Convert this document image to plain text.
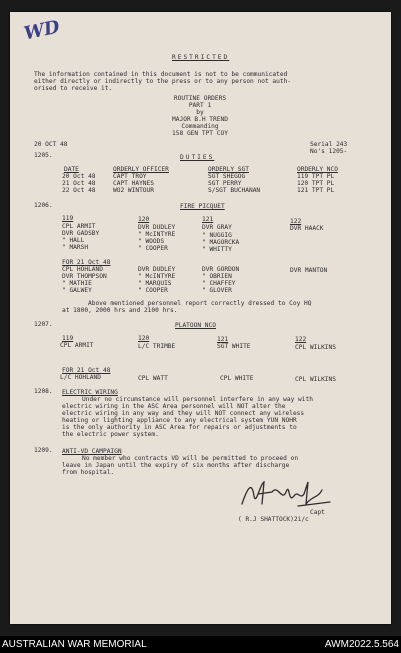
WD
RESTRICTED
The information contained in this document is not to be communicated
either directly or indirectly to the press or to any person not auth-
orised to receive it.
ROUTINE ORDERS
PART 1
by
MAJOR B.H TREND
Commanding
158 GEN TPT COY
20 OCT 48	Serial 243
No's 1205-
1205.	DUTIES
DATE	ORDERLY OFFICER	ORDERLY SGT	ORDERLY NCO
20 Oct 48	CAPT TROY	SGT SHEGOG	119 TPT PL
21 Oct 48	CAPT HAYNES	SGT PERRY	120 TPT PL
22 Oct 48	WO2 WINTOUR	S/SGT BUCHANAN	121 TPT PL
1206.	FIRE PICQUET
119	120	121	122
CPL ARMIT	DVR DUDLEY	DVR GRAY	DVR HAACK
DVR GADSBY	" McINTYRE	" NUGGIG
" HALL	" WOODS	" MAGORCKA
" MARSH	" COOPER	" WHITTY
FOR 21 Oct 48
CPL HOHLAND	DVR DUDLEY	DVR GORDON	DVR MANTON
DVR THOMPSON	" McINTYRE	" OBRIEN
" MATHIE	" MARQUIS	" CHAFFEY
" GALWEY	" COOPER	" GLOVER
Above mentioned personnel report correctly dressed to Coy HQ
at 1800, 2000 hrs and 2100 hrs.
1207.	PLATOON NCO
119	120	121	122
CPL ARMIT	L/C TRIMBE	SGT WHITE	CPL WILKINS
FOR 21 Oct 48
L/C HOHLAND	CPL WATT	CPL WHITE	CPL WILKINS
1208. ELECTRIC WIRING
Under no circumstance will personnel interfere in any way with
electric wiring in the ASC Area personnel will NOT alter the
electric wiring in any way and they will NOT connect any wireless
heating or lighting appliance to any electrical system YUN NOHR
is the only authority in ASC Area for repairs or adjustments to
the electric power system.
1209. ANTI-VD CAMPAIGN
No member who contracts VD will be permitted to proceed on
leave in Japan until the expiry of six months after discharge
from hospital.
Capt
( R.J SHATTOCK)2i/c
AUSTRALIAN WAR MEMORIAL	AWM2022.5.564
